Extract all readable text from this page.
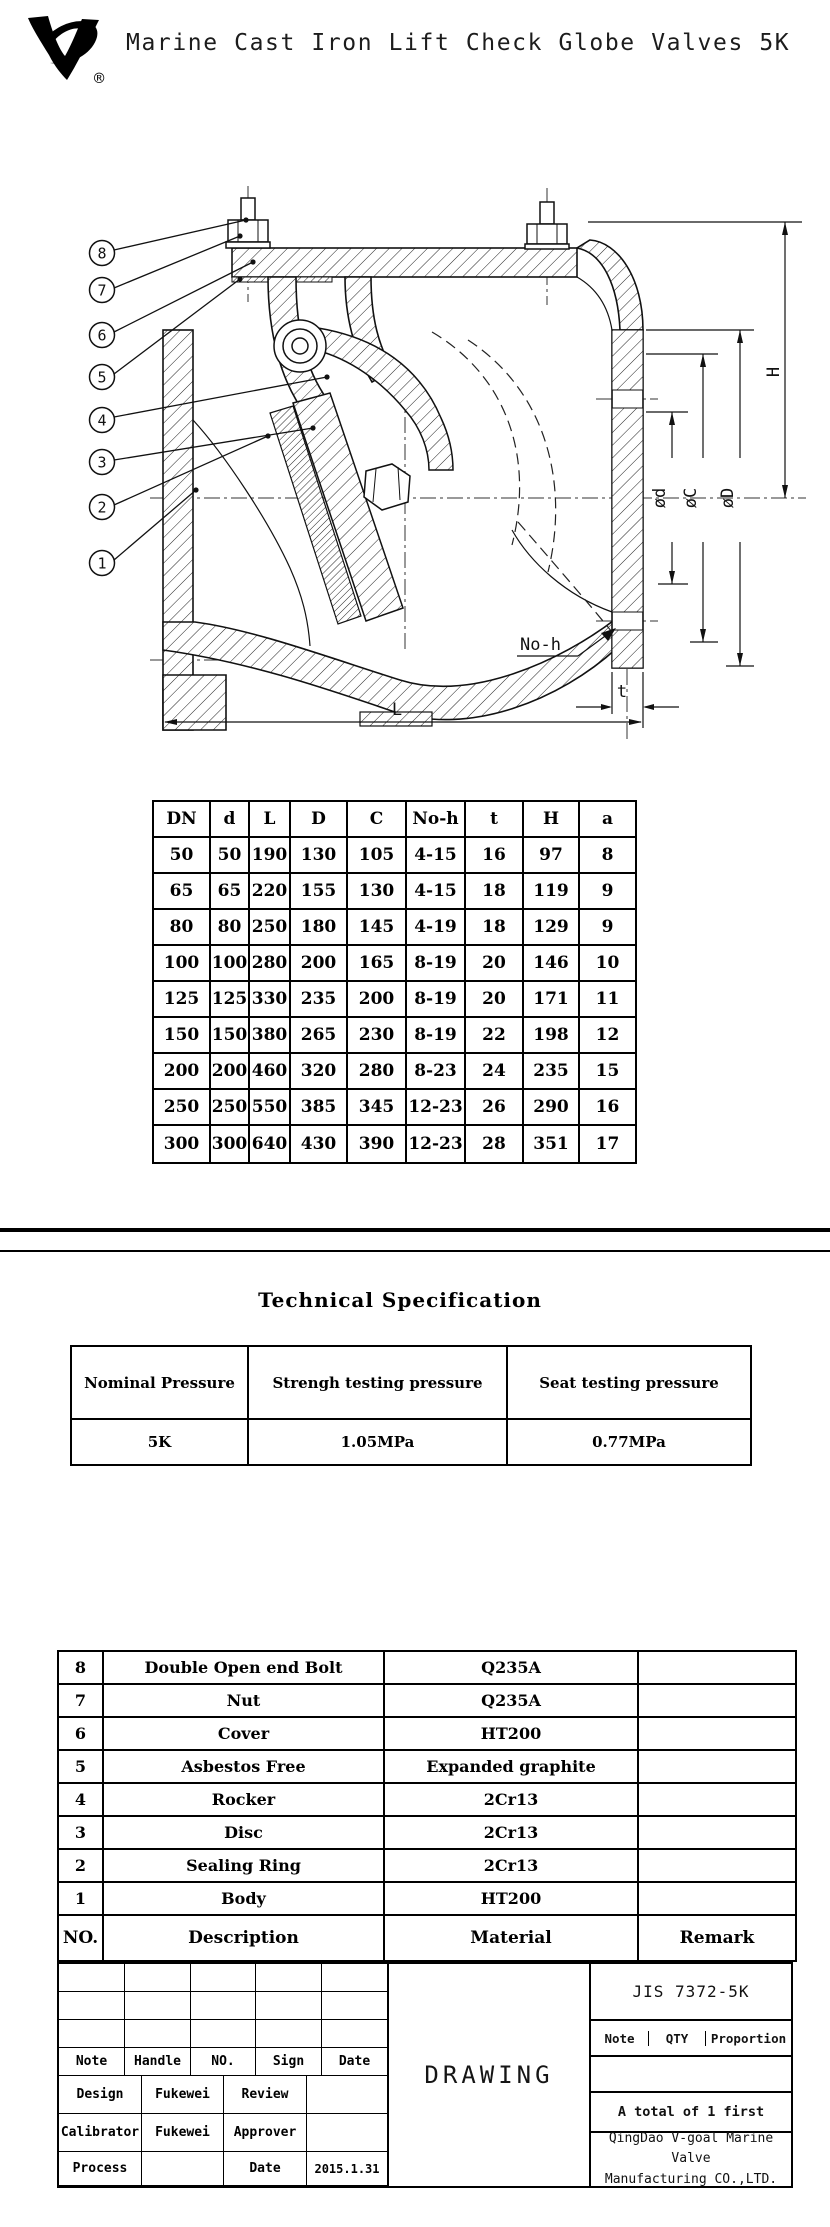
®
Marine Cast Iron Lift Check Globe Valves 5K
8
7
6
5
4
3
2
1
H
ød øC øD
No-h
t
L
DN	d	L	D	C	No-h	t	H	a
50	50 190 130	105	4-15	16	97	8
65	65 220 155	130	4-15	18	119	9
80	80 250 180	145	4-19	18	129	9
100 100 280 200	165	8-19	20	146	10
125 125 330 235	200	8-19	20	171	11
150 150 380 265	230	8-19	22	198	12
200 200 460 320	280	8-23	24	235	15
250 250 550 385	345 12-23	26	290	16
300 300 640 430	390 12-23	28	351	17
Technical Specification
Nominal Pressure	Strengh testing pressure	Seat testing pressure
5K	1.05MPa	0.77MPa
8	Double Open end Bolt	Q235A
7	Nut	Q235A
6	Cover	HT200
5	Asbestos Free	Expanded graphite
4	Rocker	2Cr13
3	Disc	2Cr13
2	Sealing Ring	2Cr13
1	Body	HT200
NO.	Description	Material	Remark
Note	Handle	NO.	Sign	Date
Design	Fukewei	Review
Calibrator	Fukewei	Approver
Process	Date	2015.1.31
DRAWING
JIS 7372-5K
Note	QTY	Proportion
A total of 1 first
QingDao V-goal Marine Valve
Manufacturing CO.,LTD.
